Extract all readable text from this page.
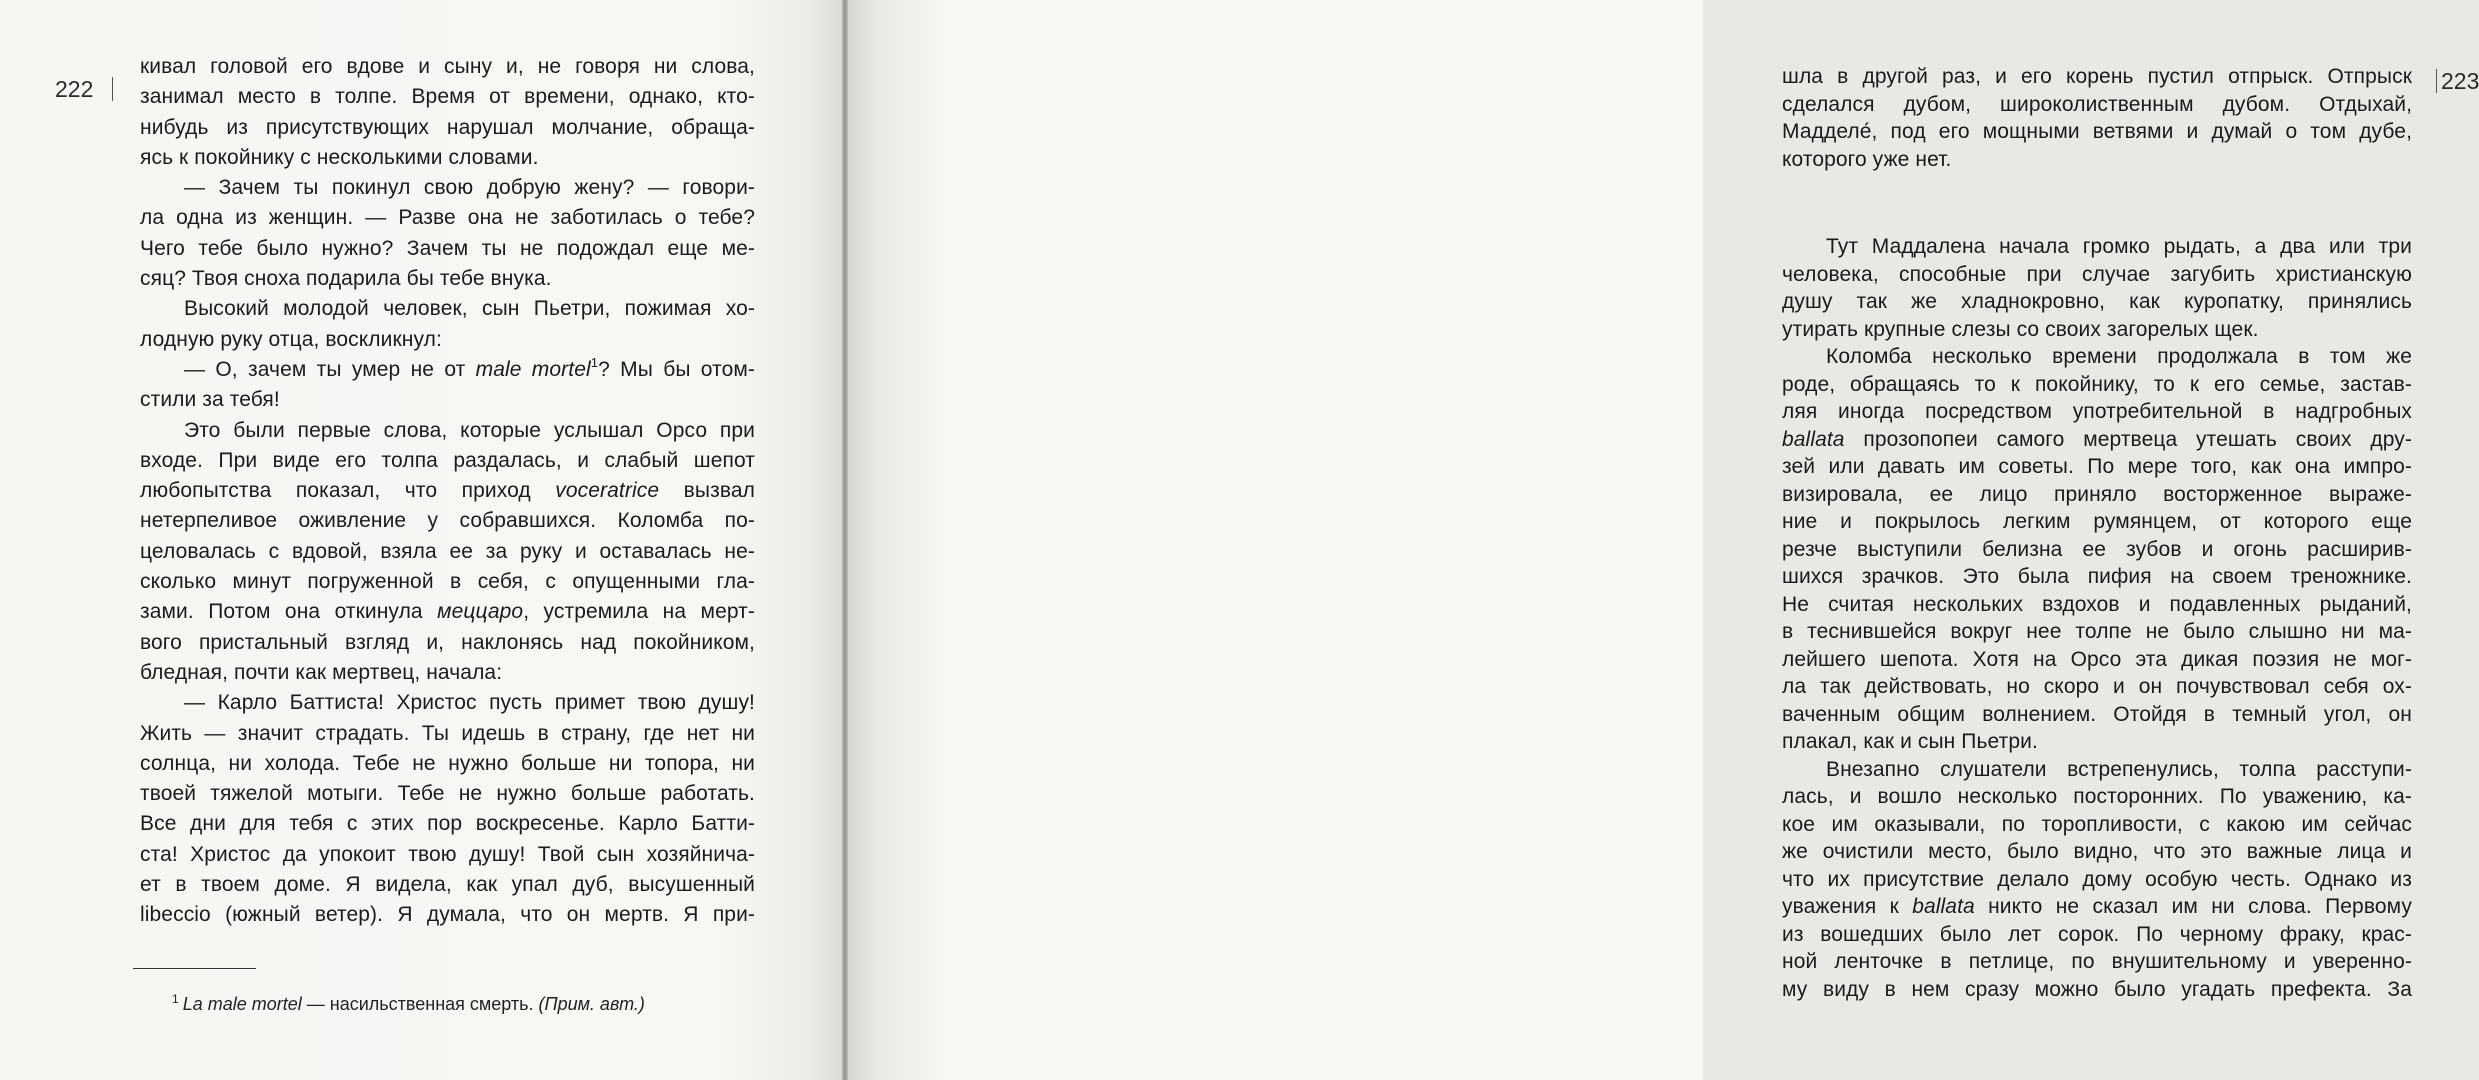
222
кивал головой его вдове и сыну и, не говоря ни слова,
занимал место в толпе. Время от времени, однако, кто-
нибудь из присутствующих нарушал молчание, обраща-
ясь к покойнику с несколькими словами.
— Зачем ты покинул свою добрую жену? — говори-
ла одна из женщин. — Разве она не заботилась о тебе?
Чего тебе было нужно? Зачем ты не подождал еще ме-
сяц? Твоя сноха подарила бы тебе внука.
Высокий молодой человек, сын Пьетри, пожимая хо-
лодную руку отца, воскликнул:
— О, зачем ты умер не от male mortel$^1$? Мы бы отом-
стили за тебя!
Это были первые слова, которые услышал Орсо при
входе. При виде его толпа раздалась, и слабый шепот
любопытства показал, что приход voceratrice вызвал
нетерпеливое оживление у собравшихся. Коломба по-
целовалась с вдовой, взяла ее за руку и оставалась не-
сколько минут погруженной в себя, с опущенными гла-
зами. Потом она откинула меццаро, устремила на мерт-
вого пристальный взгляд и, наклонясь над покойником,
бледная, почти как мертвец, начала:
— Карло Баттиста! Христос пусть примет твою душу!
Жить — значит страдать. Ты идешь в страну, где нет ни
солнца, ни холода. Тебе не нужно больше ни топора, ни
твоей тяжелой мотыги. Тебе не нужно больше работать.
Все дни для тебя с этих пор воскресенье. Карло Батти-
ста! Христос да упокоит твою душу! Твой сын хозяйнича-
ет в твоем доме. Я видела, как упал дуб, высушенный
libeccio (южный ветер). Я думала, что он мертв. Я при-
$^1$ La male mortel — насильственная смерть. (Прим. авт.)
223
шла в другой раз, и его корень пустил отпрыск. Отпрыск
сделался дубом, широколиственным дубом. Отдыхай,
Мадделе́, под его мощными ветвями и думай о том дубе,
которого уже нет.
Тут Маддалена начала громко рыдать, а два или три
человека, способные при случае загубить христианскую
душу так же хладнокровно, как куропатку, принялись
утирать крупные слезы со своих загорелых щек.
Коломба несколько времени продолжала в том же
роде, обращаясь то к покойнику, то к его семье, застав-
ляя иногда посредством употребительной в надгробных
ballata прозопопеи самого мертвеца утешать своих дру-
зей или давать им советы. По мере того, как она импро-
визировала, ее лицо приняло восторженное выраже-
ние и покрылось легким румянцем, от которого еще
резче выступили белизна ее зубов и огонь расширив-
шихся зрачков. Это была пифия на своем треножнике.
Не считая нескольких вздохов и подавленных рыданий,
в теснившейся вокруг нее толпе не было слышно ни ма-
лейшего шепота. Хотя на Орсо эта дикая поэзия не мог-
ла так действовать, но скоро и он почувствовал себя ох-
ваченным общим волнением. Отойдя в темный угол, он
плакал, как и сын Пьетри.
Внезапно слушатели встрепенулись, толпа расступи-
лась, и вошло несколько посторонних. По уважению, ка-
кое им оказывали, по торопливости, с какою им сейчас
же очистили место, было видно, что это важные лица и
что их присутствие делало дому особую честь. Однако из
уважения к ballata никто не сказал им ни слова. Первому
из вошедших было лет сорок. По черному фраку, крас-
ной ленточке в петлице, по внушительному и уверенно-
му виду в нем сразу можно было угадать префекта. За
